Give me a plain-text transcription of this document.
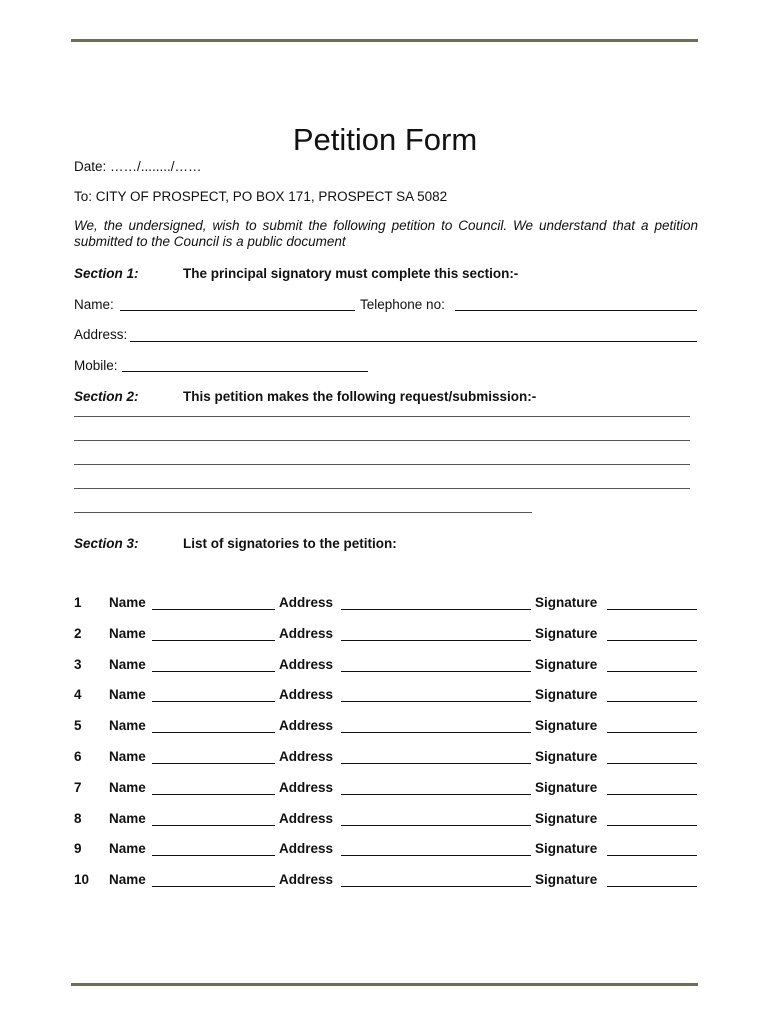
Petition Form
Date: ……/......../……
To: CITY OF PROSPECT, PO BOX 171, PROSPECT SA 5082
We, the undersigned, wish to submit the following petition to Council. We understand that a petition submitted to the Council is a public document
Section 1:	The principal signatory must complete this section:-
Name:	Telephone no:
Address:
Mobile:
Section 2:	This petition makes the following request/submission:-
Section 3:	List of signatories to the petition:
1 Name	Address	Signature
2 Name	Address	Signature
3 Name	Address	Signature
4 Name	Address	Signature
5 Name	Address	Signature
6 Name	Address	Signature
7 Name	Address	Signature
8 Name	Address	Signature
9 Name	Address	Signature
10 Name	Address	Signature
